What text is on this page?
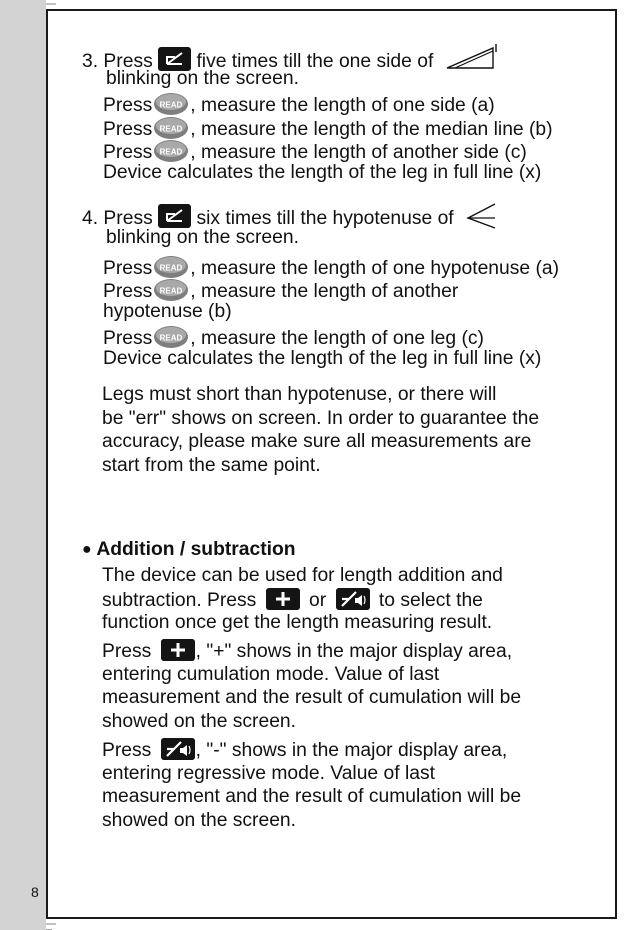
8
3. Press  five times till the one side of
blinking on the screen.
Press , measure the length of one side (a)
Press , measure the length of the median line (b)
Press , measure the length of another side (c)
Device calculates the length of the leg in full line (x)
4. Press  six times till the hypotenuse of
blinking on the screen.
Press , measure the length of one hypotenuse (a)
Press , measure the length of another
hypotenuse (b)
Press , measure the length of one leg (c)
Device calculates the length of the leg in full line (x)
Legs must short than hypotenuse, or there will
be "err" shows on screen. In order to guarantee the
accuracy, please make sure all measurements are
start from the same point.
● Addition / subtraction
The device can be used for length addition and
subtraction. Press	or	to select the
function once get the length measuring result.
Press , "+" shows in the major display area,
entering cumulation mode. Value of last
measurement and the result of cumulation will be
showed on the screen.
Press , "-" shows in the major display area,
entering regressive mode. Value of last
measurement and the result of cumulation will be
showed on the screen.
